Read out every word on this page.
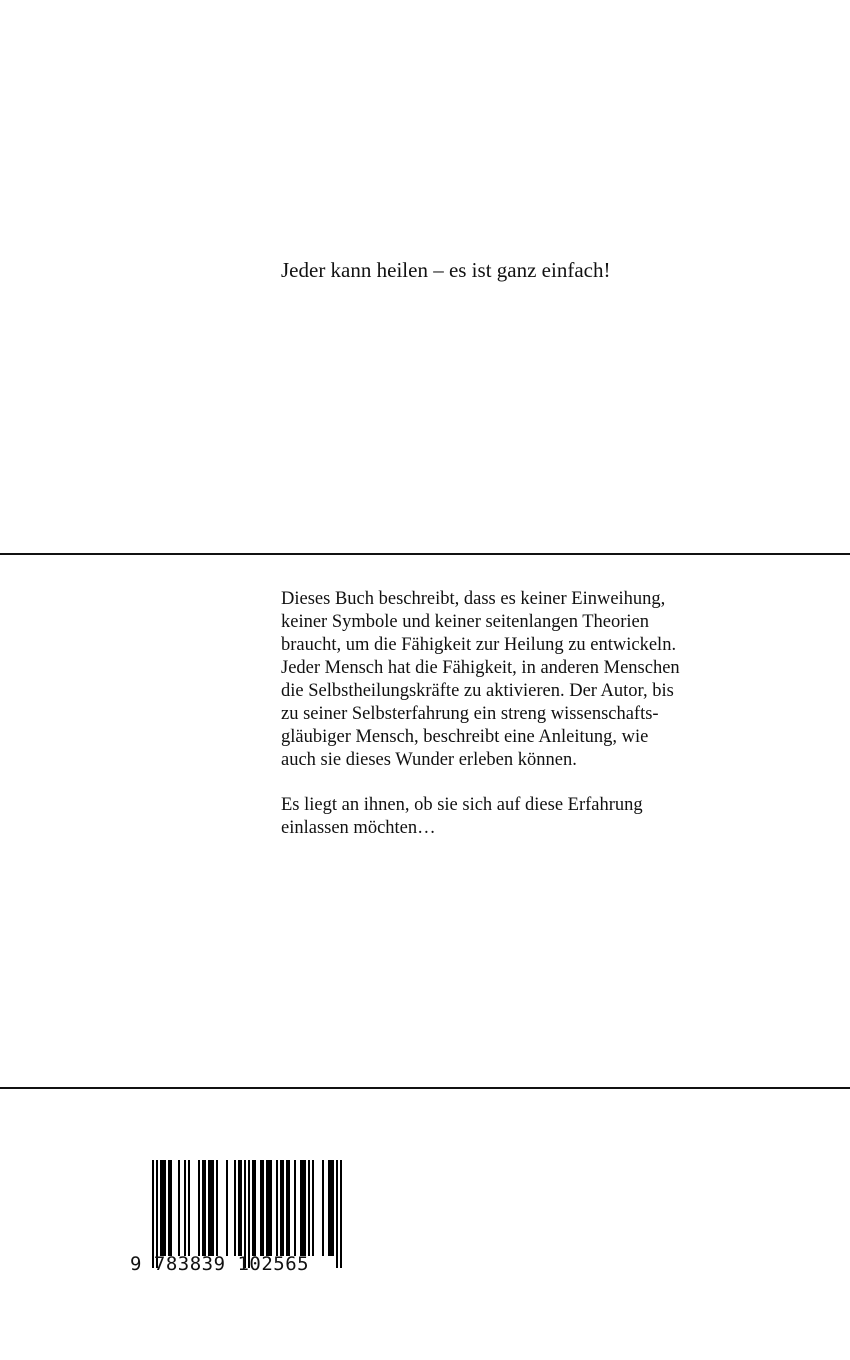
Jeder kann heilen – es ist ganz einfach!

Dieses Buch beschreibt, dass es keiner Einweihung,
keiner Symbole und keiner seitenlangen Theorien
braucht, um die Fähigkeit zur Heilung zu entwickeln.
Jeder Mensch hat die Fähigkeit, in anderen Menschen
die Selbstheilungskräfte zu aktivieren. Der Autor, bis
zu seiner Selbsterfahrung ein streng wissenschafts-
gläubiger Mensch, beschreibt eine Anleitung, wie
auch sie dieses Wunder erleben können.

Es liegt an ihnen, ob sie sich auf diese Erfahrung
einlassen möchten…

9 783839 102565
